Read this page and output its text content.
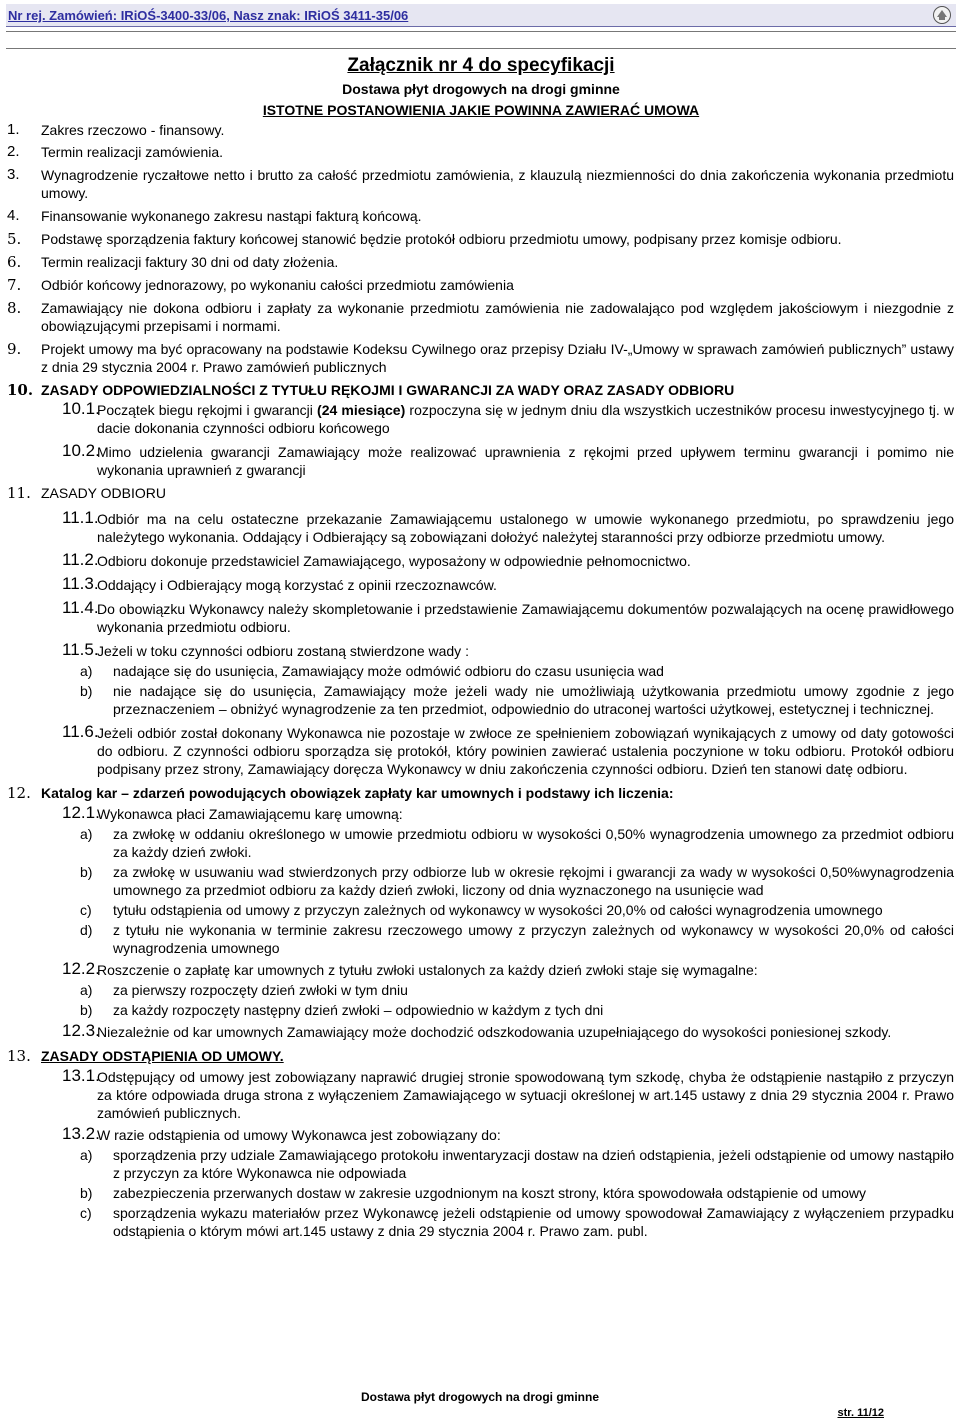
Nr rej. Zamówień: IRiOŚ-3400-33/06, Nasz znak: IRiOŚ 3411-35/06
Załącznik nr 4 do specyfikacji
Dostawa płyt drogowych na drogi gminne
ISTOTNE POSTANOWIENIA JAKIE POWINNA ZAWIERAĆ UMOWA
1. Zakres rzeczowo - finansowy.
2. Termin realizacji zamówienia.
3. Wynagrodzenie ryczałtowe netto i brutto za całość przedmiotu zamówienia, z klauzulą niezmienności do dnia zakończenia wykonania przedmiotu umowy.
4. Finansowanie wykonanego zakresu nastąpi fakturą końcową.
5. Podstawę sporządzenia faktury końcowej stanowić będzie protokół odbioru przedmiotu umowy, podpisany przez komisje odbioru.
6. Termin realizacji faktury 30 dni od daty złożenia.
7. Odbiór końcowy jednorazowy, po wykonaniu całości przedmiotu zamówienia
8. Zamawiający nie dokona odbioru i zapłaty za wykonanie przedmiotu zamówienia nie zadowalająco pod względem jakościowym i niezgodnie z obowiązującymi przepisami i normami.
9. Projekt umowy ma być opracowany na podstawie Kodeksu Cywilnego oraz przepisy Działu IV-„Umowy w sprawach zamówień publicznych” ustawy z dnia 29 stycznia 2004 r. Prawo zamówień publicznych
10. ZASADY ODPOWIEDZIALNOŚCI Z TYTUŁU RĘKOJMI I GWARANCJI ZA WADY ORAZ ZASADY ODBIORU
10.1.
Początek biegu rękojmi i gwarancji (24 miesiące) rozpoczyna się w jednym dniu dla wszystkich uczestników procesu inwestycyjnego tj. w dacie dokonania czynności odbioru końcowego
10.2.
Mimo udzielenia gwarancji Zamawiający może realizować uprawnienia z rękojmi przed upływem terminu gwarancji i pomimo nie wykonania uprawnień z gwarancji
11. ZASADY ODBIORU
11.1.
Odbiór ma na celu ostateczne przekazanie Zamawiającemu ustalonego w umowie wykonanego przedmiotu, po sprawdzeniu jego należytego wykonania. Oddający i Odbierający są zobowiązani dołożyć należytej staranności przy odbiorze przedmiotu umowy.
11.2.
Odbioru dokonuje przedstawiciel Zamawiającego, wyposażony w odpowiednie pełnomocnictwo.
11.3.
Oddający i Odbierający mogą korzystać z opinii rzeczoznawców.
11.4.
Do obowiązku Wykonawcy należy skompletowanie i przedstawienie Zamawiającemu dokumentów pozwalających na ocenę prawidłowego wykonania przedmiotu odbioru.
11.5.
Jeżeli w toku czynności odbioru zostaną stwierdzone wady :
a) nadające się do usunięcia, Zamawiający może odmówić odbioru do czasu usunięcia wad
b) nie nadające się do usunięcia, Zamawiający może jeżeli wady nie umożliwiają użytkowania przedmiotu umowy zgodnie z jego przeznaczeniem – obniżyć wynagrodzenie za ten przedmiot, odpowiednio do utraconej wartości użytkowej, estetycznej i technicznej.
11.6.
Jeżeli odbiór został dokonany Wykonawca nie pozostaje w zwłoce ze spełnieniem zobowiązań wynikających z umowy od daty gotowości do odbioru. Z czynności odbioru sporządza się protokół, który powinien zawierać ustalenia poczynione w toku odbioru. Protokół odbioru podpisany przez strony, Zamawiający doręcza Wykonawcy w dniu zakończenia czynności odbioru. Dzień ten stanowi datę odbioru.
12. Katalog kar – zdarzeń powodujących obowiązek zapłaty kar umownych i podstawy ich liczenia:
12.1.
Wykonawca płaci Zamawiającemu karę umowną:
a) za zwłokę w oddaniu określonego w umowie przedmiotu odbioru w wysokości 0,50% wynagrodzenia umownego za przedmiot odbioru za każdy dzień zwłoki.
b) za zwłokę w usuwaniu wad stwierdzonych przy odbiorze lub w okresie rękojmi i gwarancji za wady w wysokości 0,50%wynagrodzenia umownego za przedmiot odbioru za każdy dzień zwłoki, liczony od dnia wyznaczonego na usunięcie wad
c) tytułu odstąpienia od umowy z przyczyn zależnych od wykonawcy w wysokości 20,0% od całości wynagrodzenia umownego
d) z tytułu nie wykonania w terminie zakresu rzeczowego umowy z przyczyn zależnych od wykonawcy w wysokości 20,0% od całości wynagrodzenia umownego
12.2.
Roszczenie o zapłatę kar umownych z tytułu zwłoki ustalonych za każdy dzień zwłoki staje się wymagalne:
a) za pierwszy rozpoczęty dzień zwłoki w tym dniu
b) za każdy rozpoczęty następny dzień zwłoki – odpowiednio w każdym z tych dni
12.3.
Niezależnie od kar umownych Zamawiający może dochodzić odszkodowania uzupełniającego do wysokości poniesionej szkody.
13. ZASADY ODSTĄPIENIA OD UMOWY.
13.1.
Odstępujący od umowy jest zobowiązany naprawić drugiej stronie spowodowaną tym szkodę, chyba że odstąpienie nastąpiło z przyczyn za które odpowiada druga strona z wyłączeniem Zamawiającego w sytuacji określonej w art.145 ustawy z dnia 29 stycznia 2004 r. Prawo zamówień publicznych.
13.2.
W razie odstąpienia od umowy Wykonawca jest zobowiązany do:
a) sporządzenia przy udziale Zamawiającego protokołu inwentaryzacji dostaw na dzień odstąpienia, jeżeli odstąpienie od umowy nastąpiło z przyczyn za które Wykonawca nie odpowiada
b) zabezpieczenia przerwanych dostaw w zakresie uzgodnionym na koszt strony, która spowodowała odstąpienie od umowy
c) sporządzenia wykazu materiałów przez Wykonawcę jeżeli odstąpienie od umowy spowodował Zamawiający z wyłączeniem przypadku odstąpienia o którym mówi art.145 ustawy z dnia 29 stycznia 2004 r. Prawo zam. publ.
Dostawa płyt drogowych na drogi gminne
str. 11/12
